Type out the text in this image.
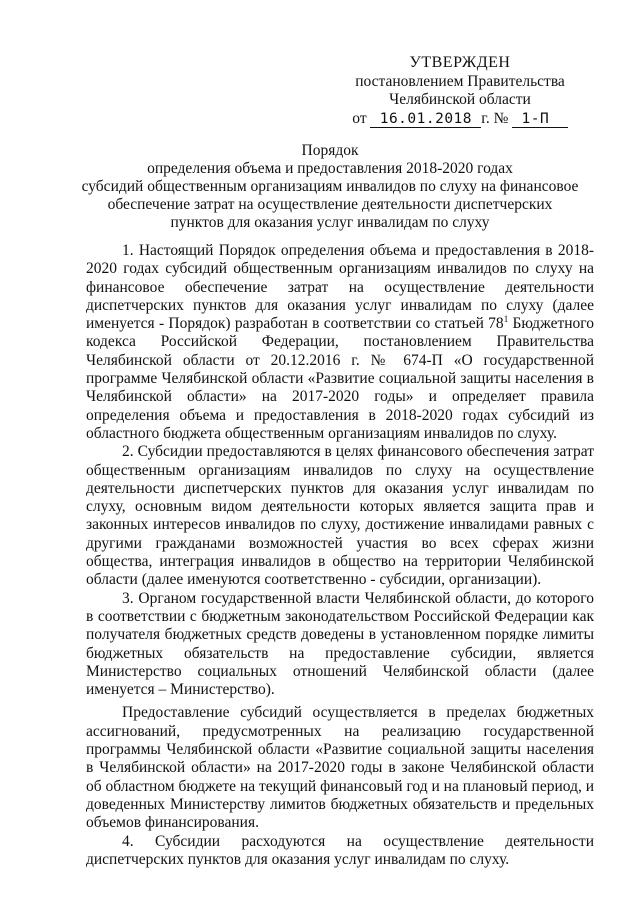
УТВЕРЖДЕН
постановлением Правительства
Челябинской области
от 16.01.2018 г. № 1-П
Порядок
определения объема и предоставления 2018-2020 годах
субсидий общественным организациям инвалидов по слуху на финансовое
обеспечение затрат на осуществление деятельности диспетчерских
пунктов для оказания услуг инвалидам по слуху

1. Настоящий Порядок определения объема и предоставления в 2018-2020 годах субсидий общественным организациям инвалидов по слуху на финансовое обеспечение затрат на осуществление деятельности диспетчерских пунктов для оказания услуг инвалидам по слуху (далее именуется - Порядок) разработан в соответствии со статьей $78^1$ Бюджетного кодекса Российской Федерации, постановлением Правительства Челябинской области от 20.12.2016 г. № 674-П «О государственной программе Челябинской области «Развитие социальной защиты населения в Челябинской области» на 2017-2020 годы» и определяет правила определения объема и предоставления в 2018-2020 годах субсидий из областного бюджета общественным организациям инвалидов по слуху.

2. Субсидии предоставляются в целях финансового обеспечения затрат общественным организациям инвалидов по слуху на осуществление деятельности диспетчерских пунктов для оказания услуг инвалидам по слуху, основным видом деятельности которых является защита прав и законных интересов инвалидов по слуху, достижение инвалидами равных с другими гражданами возможностей участия во всех сферах жизни общества, интеграция инвалидов в общество на территории Челябинской области (далее именуются соответственно - субсидии, организации).

3. Органом государственной власти Челябинской области, до которого в соответствии с бюджетным законодательством Российской Федерации как получателя бюджетных средств доведены в установленном порядке лимиты бюджетных обязательств на предоставление субсидии, является Министерство социальных отношений Челябинской области (далее именуется – Министерство).

Предоставление субсидий осуществляется в пределах бюджетных ассигнований, предусмотренных на реализацию государственной программы Челябинской области «Развитие социальной защиты населения в Челябинской области» на 2017-2020 годы в законе Челябинской области об областном бюджете на текущий финансовый год и на плановый период, и доведенных Министерству лимитов бюджетных обязательств и предельных объемов финансирования.

4. Субсидии расходуются на осуществление деятельности диспетчерских пунктов для оказания услуг инвалидам по слуху.
